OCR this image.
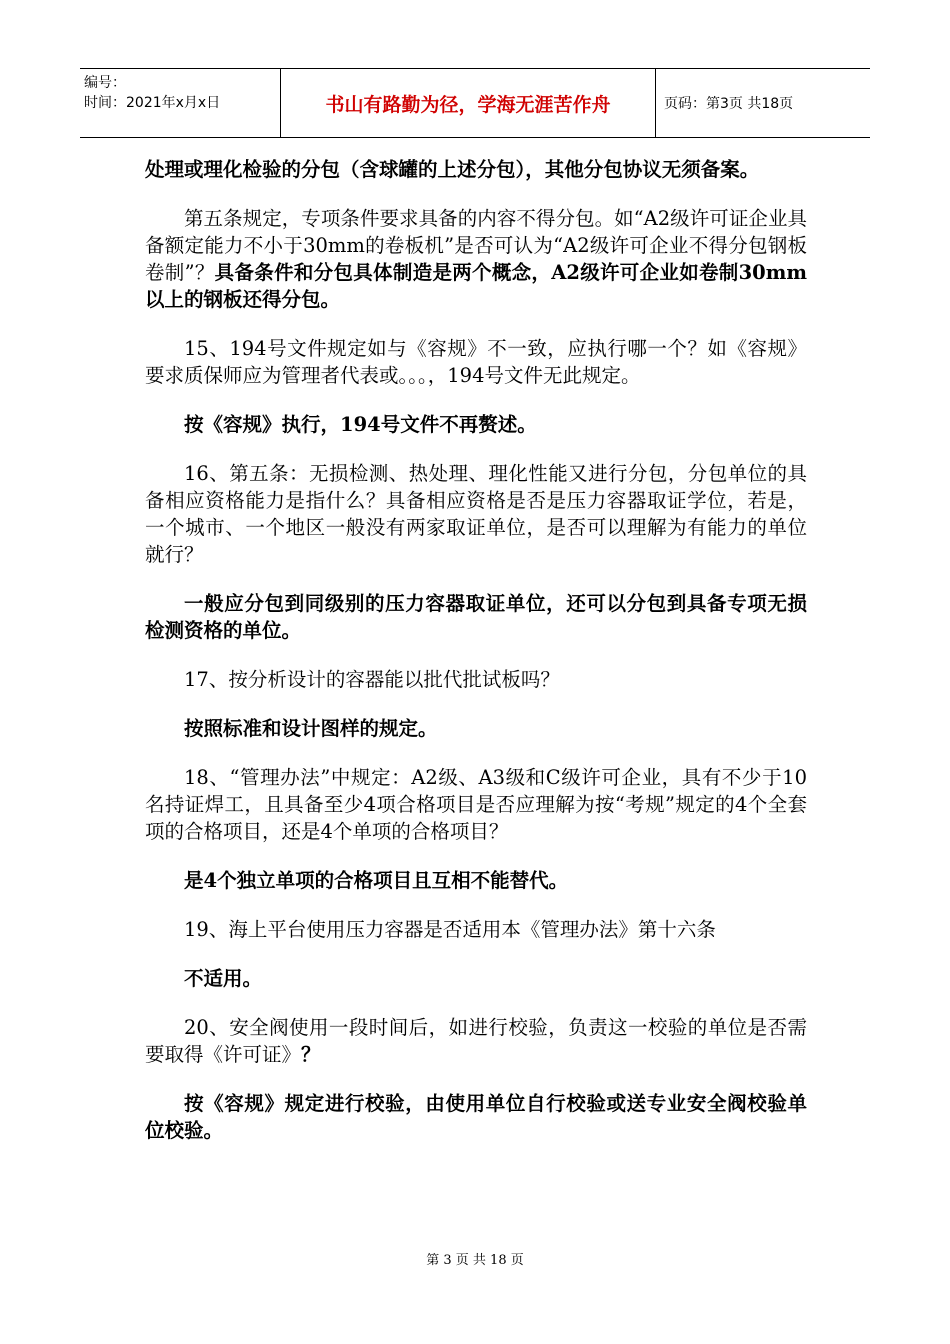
编号：
时间：2021年x月x日	书山有路勤为径，学海无涯苦作舟	页码：第3页 共18页

处理或理化检验的分包（含球罐的上述分包），其他分包协议无须备案。

第五条规定，专项条件要求具备的内容不得分包。如“A2级许可证企业具备额定能力不小于30mm的卷板机”是否可认为“A2级许可企业不得分包钢板卷制”？具备条件和分包具体制造是两个概念，A2级许可企业如卷制30mm以上的钢板还得分包。

15、194号文件规定如与《容规》不一致，应执行哪一个？如《容规》要求质保师应为管理者代表或。。。，194号文件无此规定。

按《容规》执行，194号文件不再赘述。

16、第五条：无损检测、热处理、理化性能又进行分包，分包单位的具备相应资格能力是指什么？具备相应资格是否是压力容器取证学位，若是，一个城市、一个地区一般没有两家取证单位，是否可以理解为有能力的单位就行？

一般应分包到同级别的压力容器取证单位，还可以分包到具备专项无损检测资格的单位。

17、按分析设计的容器能以批代批试板吗？

按照标准和设计图样的规定。

18、“管理办法”中规定：A2级、A3级和C级许可企业，具有不少于10名持证焊工，且具备至少4项合格项目是否应理解为按“考规”规定的4个全套项的合格项目，还是4个单项的合格项目？

是4个独立单项的合格项目且互相不能替代。

19、海上平台使用压力容器是否适用本《管理办法》第十六条

不适用。

20、安全阀使用一段时间后，如进行校验，负责这一校验的单位是否需要取得《许可证》？

按《容规》规定进行校验，由使用单位自行校验或送专业安全阀校验单位校验。

第 3 页 共 18 页
